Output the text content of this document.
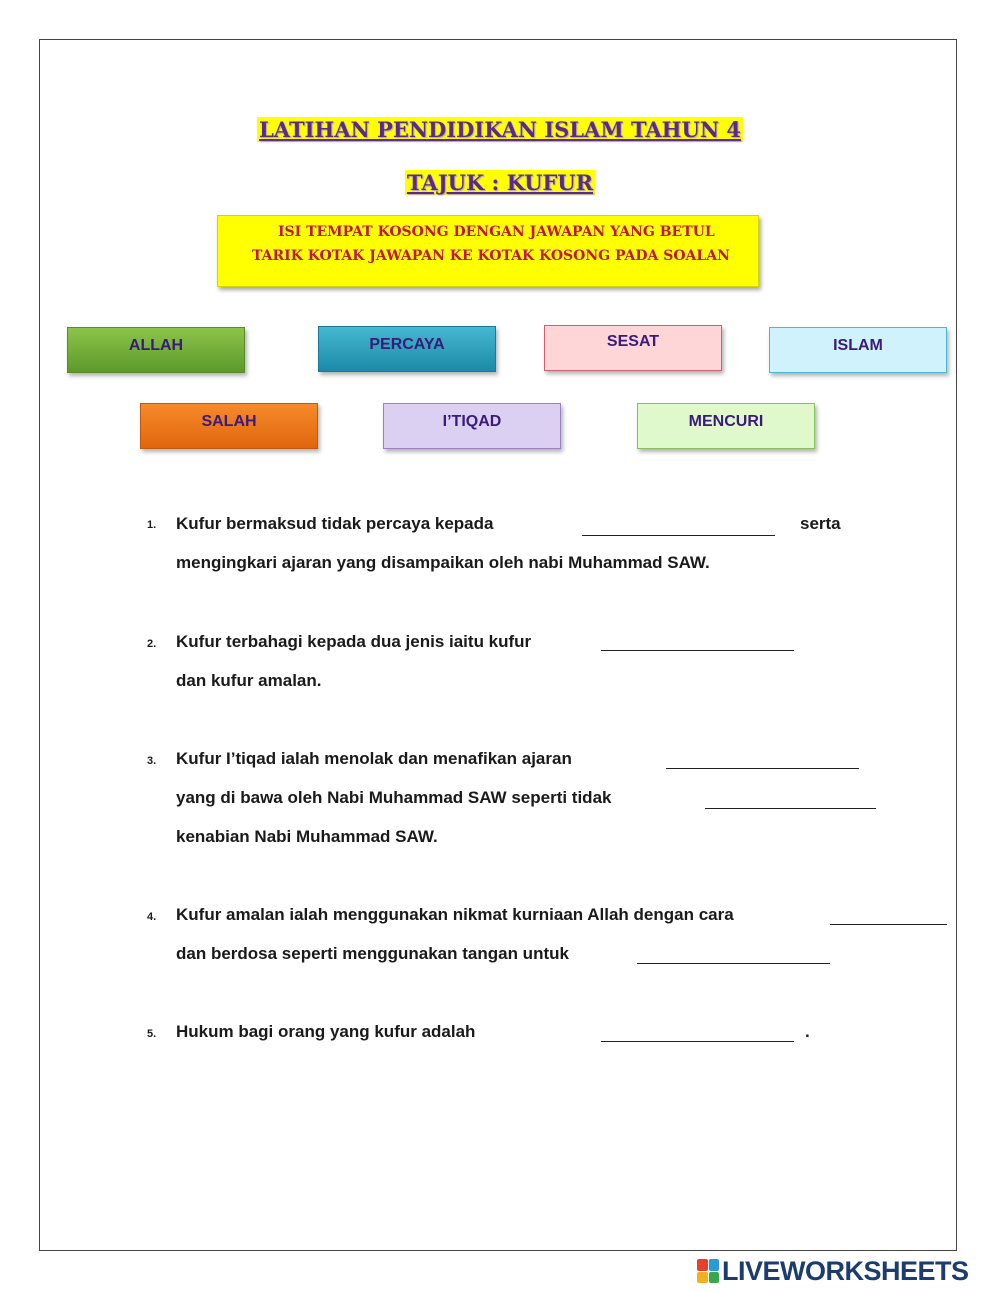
LATIHAN PENDIDIKAN ISLAM TAHUN 4
TAJUK : KUFUR
ISI TEMPAT KOSONG DENGAN JAWAPAN YANG BETUL
TARIK KOTAK JAWAPAN KE KOTAK KOSONG PADA SOALAN
ALLAH	PERCAYA	SESAT	ISLAM
SALAH	I’TIQAD	MENCURI
1. Kufur bermaksud tidak percaya kepada	serta
mengingkari ajaran yang disampaikan oleh nabi Muhammad SAW.
2. Kufur terbahagi kepada dua jenis iaitu kufur
dan kufur amalan.
3. Kufur I’tiqad ialah menolak dan menafikan ajaran
yang di bawa oleh Nabi Muhammad SAW seperti tidak
kenabian Nabi Muhammad SAW.
4. Kufur amalan ialah menggunakan nikmat kurniaan Allah dengan cara
dan berdosa seperti menggunakan tangan untuk
5. Hukum bagi orang yang kufur adalah	.
LIVEWORKSHEETS
